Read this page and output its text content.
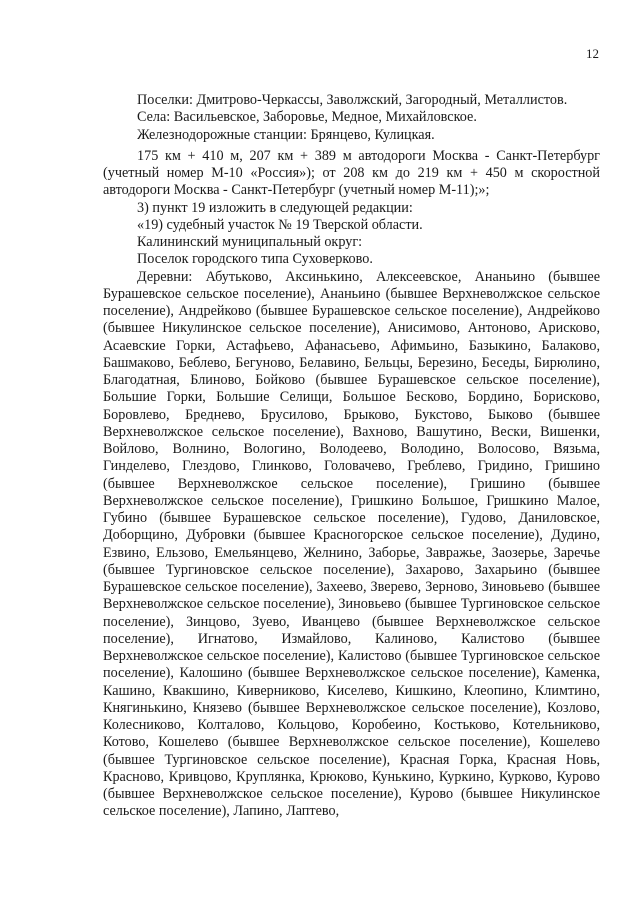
12

Поселки: Дмитрово-Черкассы, Заволжский, Загородный, Металлистов.

Села: Васильевское, Заборовье, Медное, Михайловское.

Железнодорожные станции: Брянцево, Кулицкая.

175 км + 410 м, 207 км + 389 м автодороги Москва - Санкт-Петербург (учетный номер М-10 «Россия»); от 208 км до 219 км + 450 м скоростной автодороги Москва - Санкт-Петербург (учетный номер М-11);»;

3) пункт 19 изложить в следующей редакции:

«19) судебный участок № 19 Тверской области.

Калининский муниципальный округ:

Поселок городского типа Суховерково.

Деревни: Абутьково, Аксинькино, Алексеевское, Ананьино (бывшее Бурашевское сельское поселение), Ананьино (бывшее Верхневолжское сельское поселение), Андрейково (бывшее Бурашевское сельское поселение), Андрейково (бывшее Никулинское сельское поселение), Анисимово, Антоново, Арисково, Асаевские Горки, Астафьево, Афанасьево, Афимьино, Базыкино, Балаково, Башмаково, Беблево, Бегуново, Белавино, Бельцы, Березино, Беседы, Бирюлино, Благодатная, Блиново, Бойково (бывшее Бурашевское сельское поселение), Большие Горки, Большие Селищи, Большое Бесково, Бордино, Борисково, Боровлево, Бреднево, Брусилово, Брыково, Букстово, Быково (бывшее Верхневолжское сельское поселение), Вахново, Вашутино, Вески, Вишенки, Войлово, Волнино, Вологино, Володеево, Володино, Волосово, Вязьма, Гинделево, Глездово, Глинково, Головачево, Греблево, Гридино, Гришино (бывшее Верхневолжское сельское поселение), Гришино (бывшее Верхневолжское сельское поселение), Гришкино Большое, Гришкино Малое, Губино (бывшее Бурашевское сельское поселение), Гудово, Даниловское, Доборщино, Дубровки (бывшее Красногорское сельское поселение), Дудино, Езвино, Ельзово, Емельянцево, Желнино, Заборье, Завражье, Заозерье, Заречье (бывшее Тургиновское сельское поселение), Захарово, Захарьино (бывшее Бурашевское сельское поселение), Захеево, Зверево, Зерново, Зиновьево (бывшее Верхневолжское сельское поселение), Зиновьево (бывшее Тургиновское сельское поселение), Зинцово, Зуево, Иванцево (бывшее Верхневолжское сельское поселение), Игнатово, Измайлово, Калиново, Калистово (бывшее Верхневолжское сельское поселение), Калистово (бывшее Тургиновское сельское поселение), Калошино (бывшее Верхневолжское сельское поселение), Каменка, Кашино, Квакшино, Киверниково, Киселево, Кишкино, Клеопино, Климтино, Княгинькино, Князево (бывшее Верхневолжское сельское поселение), Козлово, Колесниково, Колталово, Кольцово, Коробеино, Костьково, Котельниково, Котово, Кошелево (бывшее Верхневолжское сельское поселение), Кошелево (бывшее Тургиновское сельское поселение), Красная Горка, Красная Новь, Красново, Кривцово, Круплянка, Крюково, Кунькино, Куркино, Курково, Курово (бывшее Верхневолжское сельское поселение), Курово (бывшее Никулинское сельское поселение), Лапино, Лаптево,
